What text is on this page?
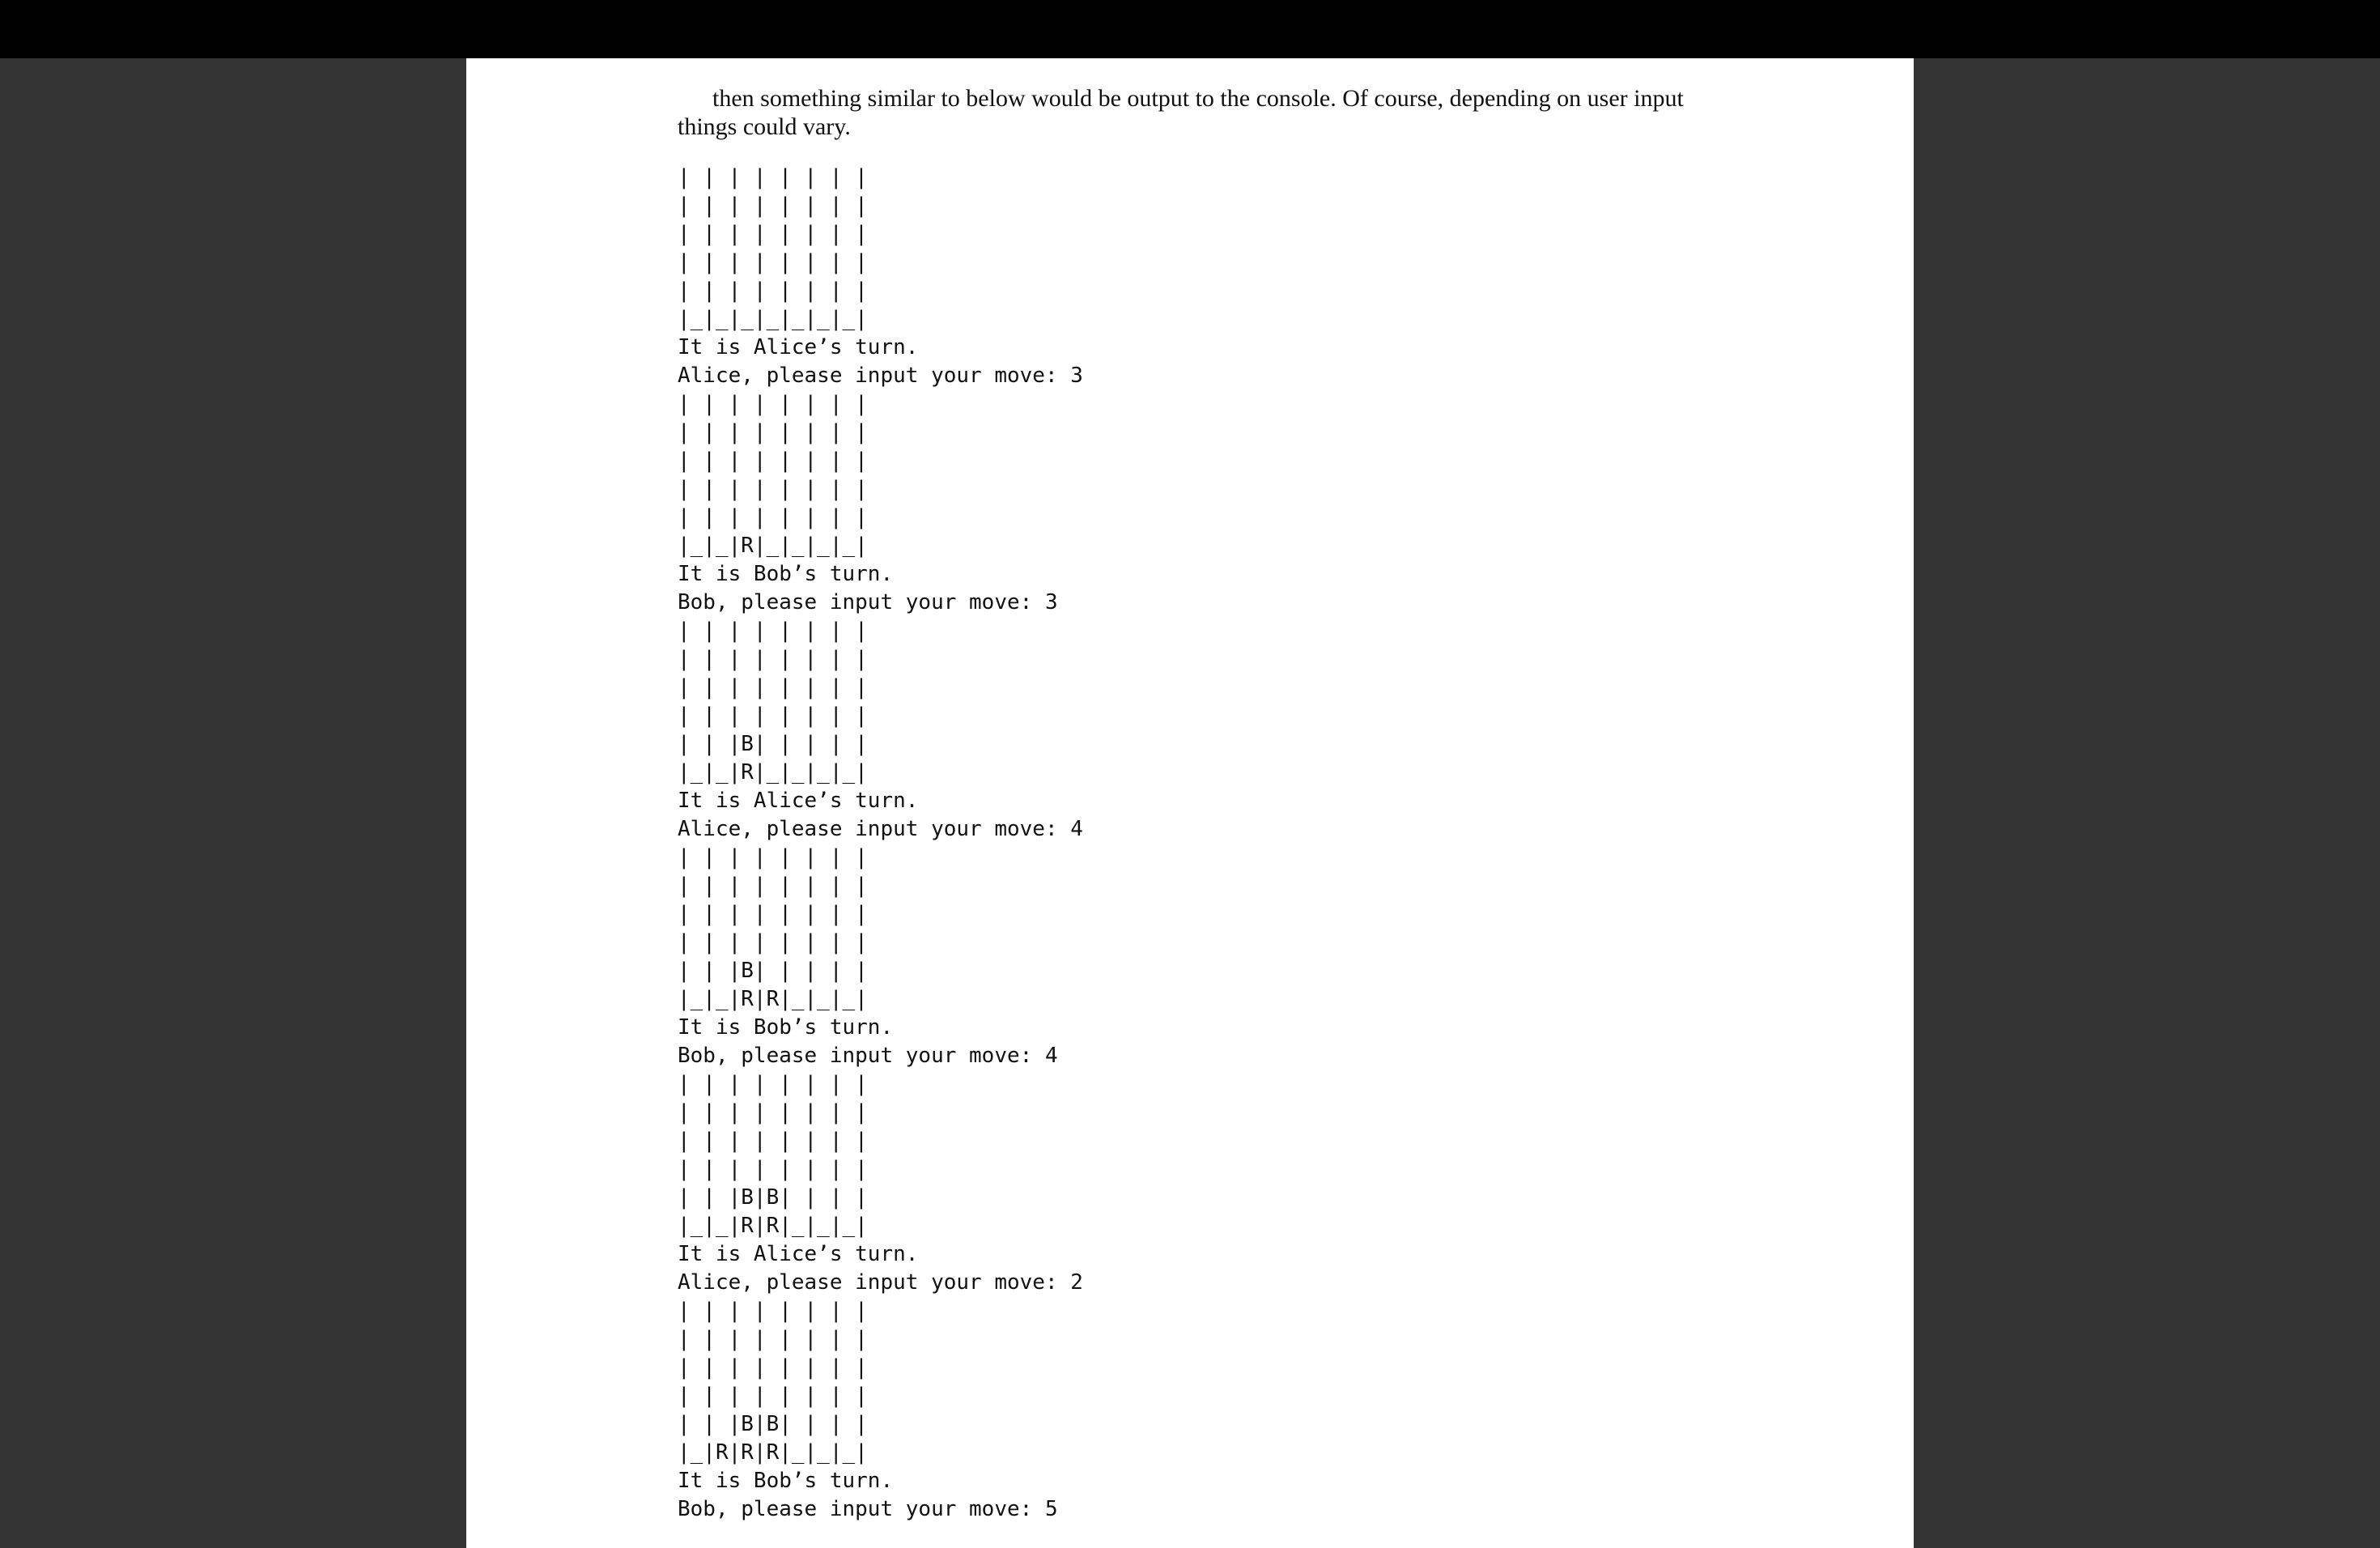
then something similar to below would be output to the console. Of course, depending on user input things could vary.

| | | | | | | |
| | | | | | | |
| | | | | | | |
| | | | | | | |
| | | | | | | |
|_|_|_|_|_|_|_|
It is Alice’s turn.
Alice, please input your move: 3
| | | | | | | |
| | | | | | | |
| | | | | | | |
| | | | | | | |
| | | | | | | |
|_|_|R|_|_|_|_|
It is Bob’s turn.
Bob, please input your move: 3
| | | | | | | |
| | | | | | | |
| | | | | | | |
| | | | | | | |
| | |B| | | | |
|_|_|R|_|_|_|_|
It is Alice’s turn.
Alice, please input your move: 4
| | | | | | | |
| | | | | | | |
| | | | | | | |
| | | | | | | |
| | |B| | | | |
|_|_|R|R|_|_|_|
It is Bob’s turn.
Bob, please input your move: 4
| | | | | | | |
| | | | | | | |
| | | | | | | |
| | | | | | | |
| | |B|B| | | |
|_|_|R|R|_|_|_|
It is Alice’s turn.
Alice, please input your move: 2
| | | | | | | |
| | | | | | | |
| | | | | | | |
| | | | | | | |
| | |B|B| | | |
|_|R|R|R|_|_|_|
It is Bob’s turn.
Bob, please input your move: 5
